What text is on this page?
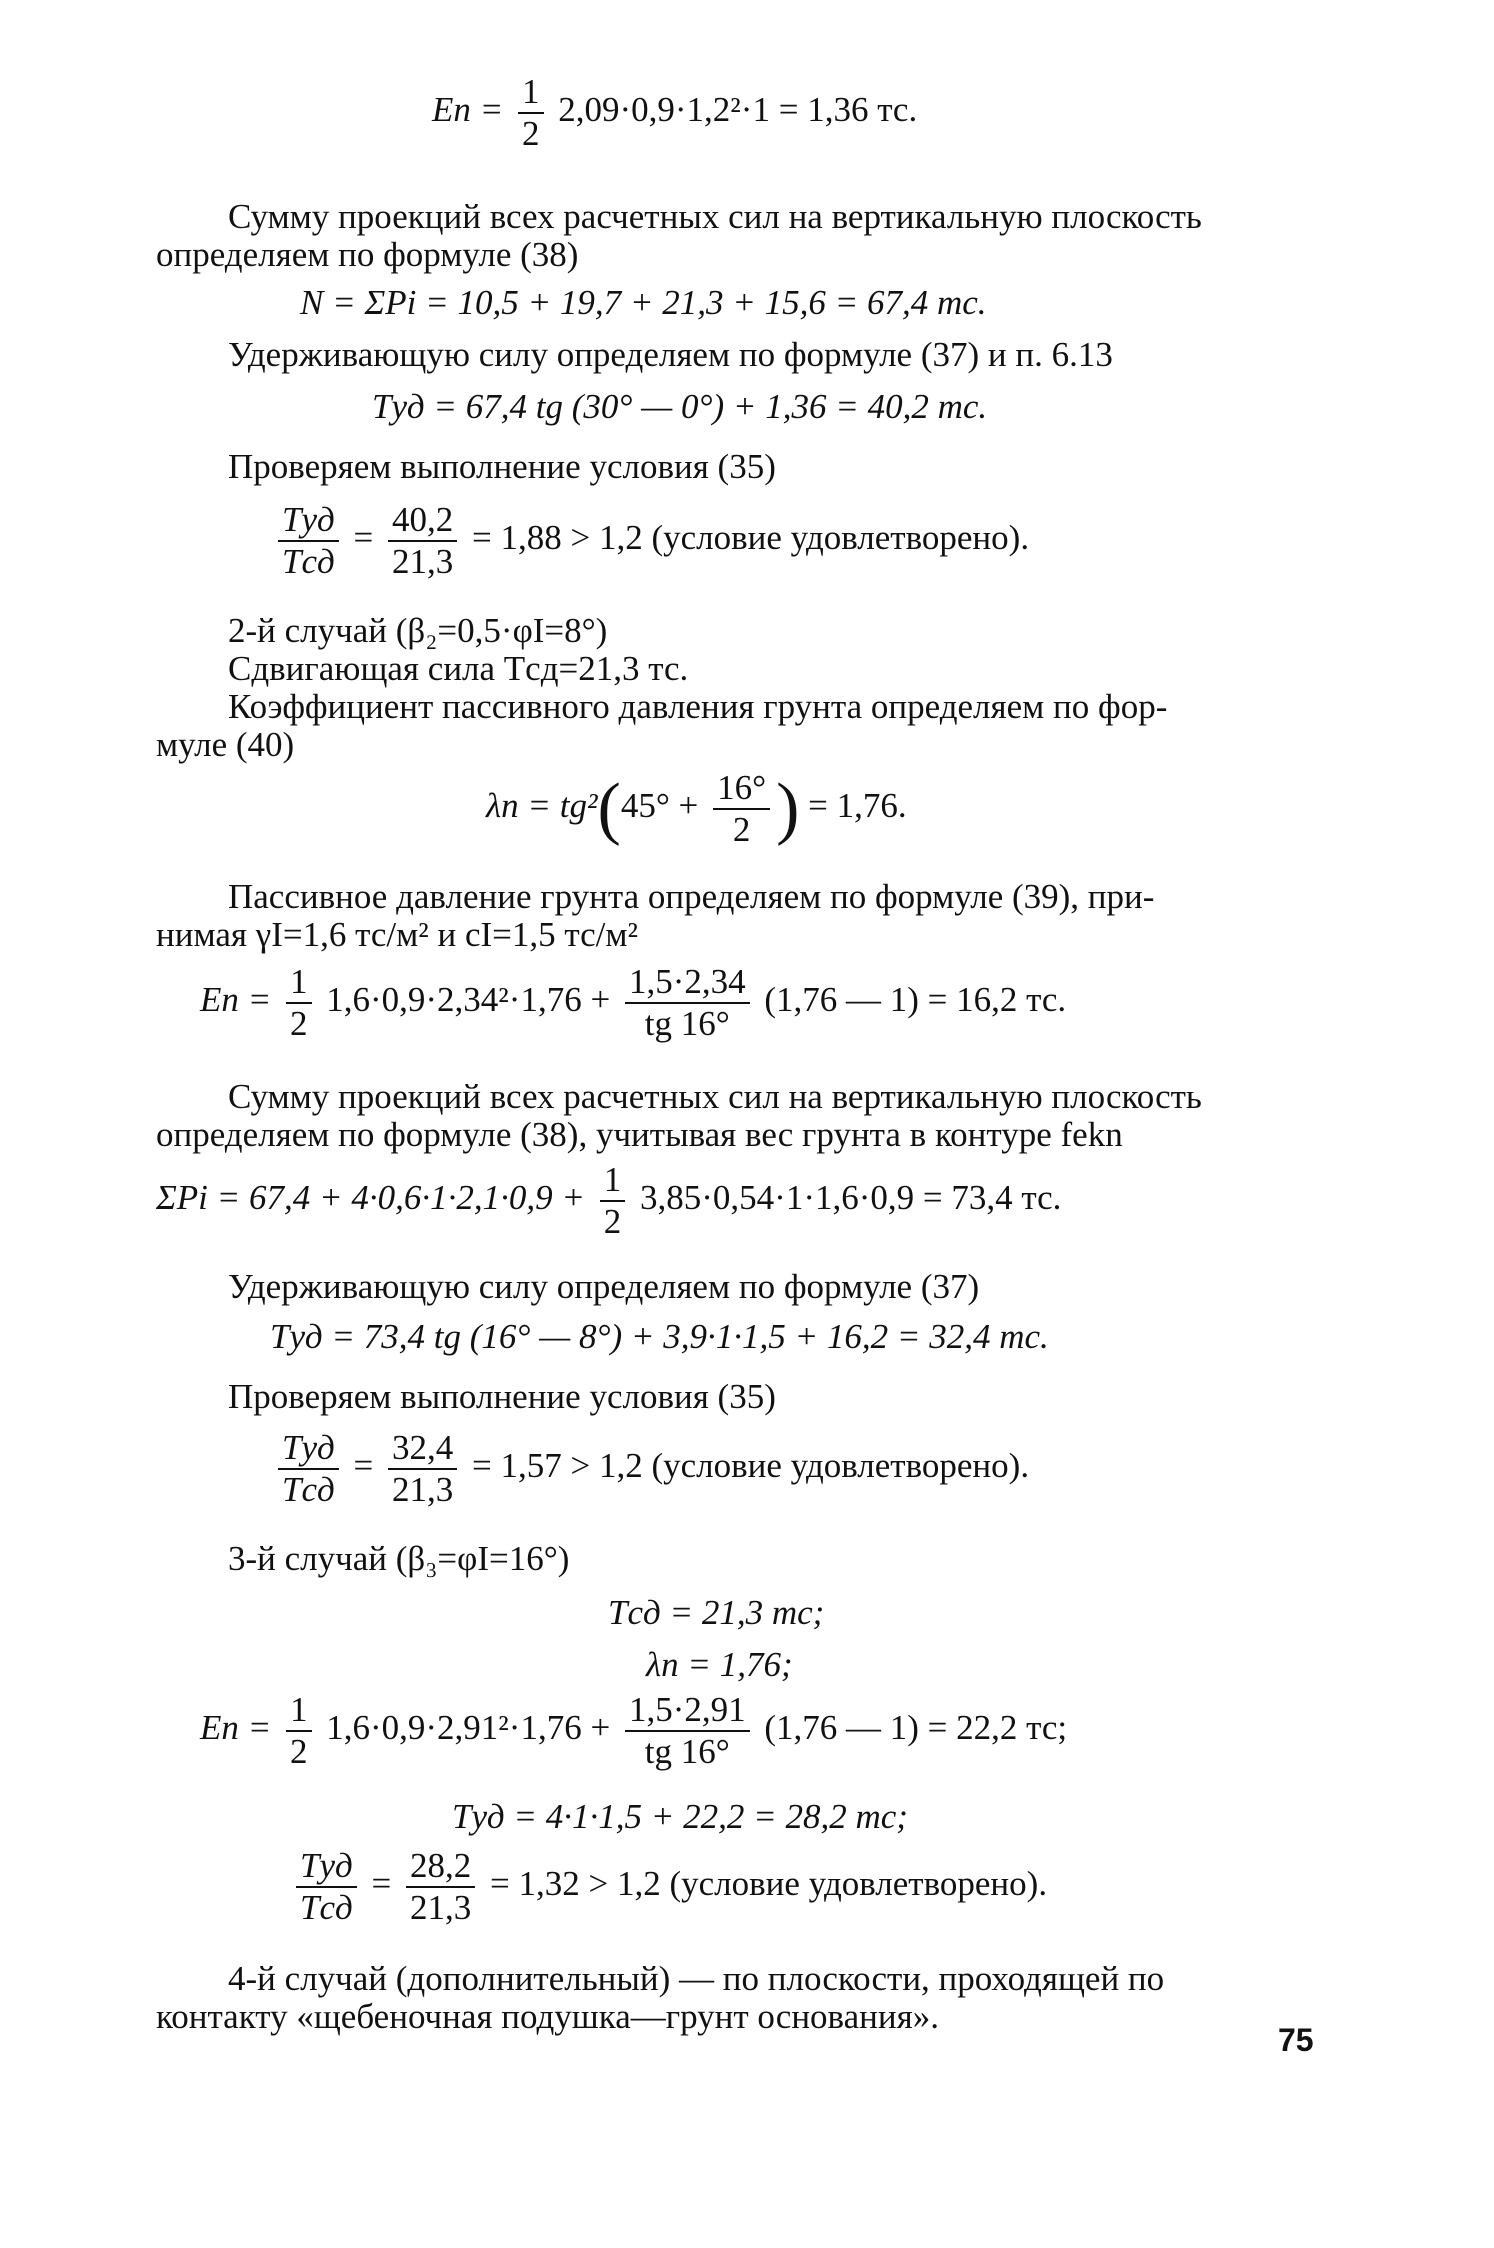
Eп = $\frac{1}{2} 2,09\cdot 0,9\cdot 1,2^2\cdot 1 = 1,36$ тс.
Сумму проекций всех расчетных сил на вертикальную плоскость
определяем по формуле (38)
N = ΣPi = 10,5 + 19,7 + 21,3 + 15,6 = 67,4 тс.
Удерживающую силу определяем по формуле (37) и п. 6.13
Tуд = 67,4 tg (30° — 0°) + 1,36 = 40,2 тс.
Проверяем выполнение условия (35)
$\frac{\text{Tуд}}{\text{Tсд}} = \frac{40,2}{21,3} = 1,88 > 1,2$ (условие удовлетворено).
2-й случай (β₂=0,5·φI=8°)
Сдвигающая сила Tсд=21,3 тс.
Коэффициент пассивного давления грунта определяем по фор-
муле (40)
$\lambda п = tg^2(45^\circ + \frac{16^\circ}{2}$ ) = 1,76.
Пассивное давление грунта определяем по формуле (39), при-
нимая γI=1,6 тс/м² и cI=1,5 тс/м²
Eп = $\frac{1}{2} 1,6\cdot 0,9\cdot 2,34^2\cdot 1,76 + \frac{1,5\cdot 2,34}{tg 16^\circ} (1,76$ — 1) = 16,2 тс.
Сумму проекций всех расчетных сил на вертикальную плоскость
определяем по формуле (38), учитывая вес грунта в контуре fekn
$\Sigma Pi = 67,4 + 4\cdot 0,6\cdot 1\cdot 2,1\cdot 0,9 + \frac{1}{2} 3,85\cdot 0,54\cdot 1\cdot 1,6\cdot 0,9 = 73,4$ тс.
Удерживающую силу определяем по формуле (37)
Tуд = 73,4 tg (16° — 8°) + 3,9·1·1,5 + 16,2 = 32,4 тс.
Проверяем выполнение условия (35)
$\frac{\text{Tуд}}{\text{Tсд}} = \frac{32,4}{21,3} = 1,57 > 1,2$ (условие удовлетворено).
3-й случай (β₃=φI=16°)
Tсд = 21,3 тс;
λп = 1,76;
Eп = $\frac{1}{2} 1,6\cdot 0,9\cdot 2,91^2\cdot 1,76 + \frac{1,5\cdot 2,91}{tg 16^\circ} (1,76$ — 1) = 22,2 тс;
Tуд = 4·1·1,5 + 22,2 = 28,2 тс;
$\frac{\text{Tуд}}{\text{Tсд}} = \frac{28,2}{21,3} = 1,32 > 1,2$ (условие удовлетворено).
4-й случай (дополнительный) — по плоскости, проходящей по
контакту «щебеночная подушка—грунт основания».
75
